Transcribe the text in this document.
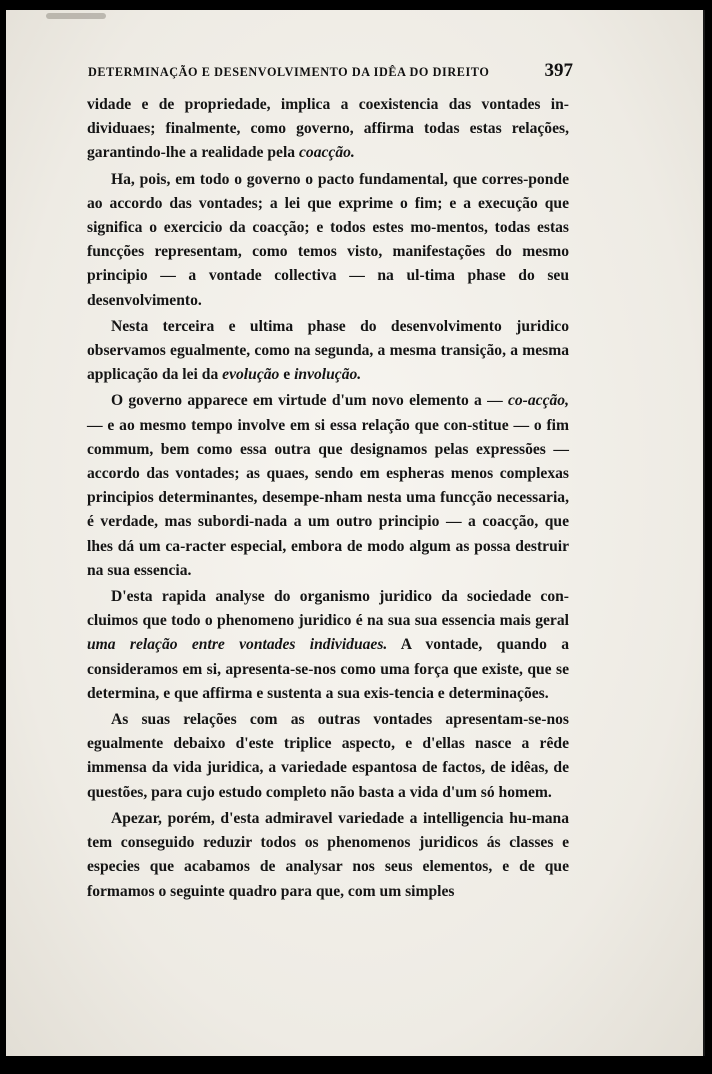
DETERMINAÇÃO E DESENVOLVIMENTO DA IDÊA DO DIREITO	397

vidade e de propriedade, implica a coexistencia das vontades in-dividuaes; finalmente, como governo, affirma todas estas relações, garantindo-lhe a realidade pela coacção.

Ha, pois, em todo o governo o pacto fundamental, que corres-ponde ao accordo das vontades; a lei que exprime o fim; e a execução que significa o exercicio da coacção; e todos estes mo-mentos, todas estas funcções representam, como temos visto, manifestações do mesmo principio — a vontade collectiva — na ul-tima phase do seu desenvolvimento.

Nesta terceira e ultima phase do desenvolvimento juridico observamos egualmente, como na segunda, a mesma transição, a mesma applicação da lei da evolução e involução.

O governo apparece em virtude d'um novo elemento a — co-acção, — e ao mesmo tempo involve em si essa relação que con-stitue — o fim commum, bem como essa outra que designamos pelas expressões — accordo das vontades; as quaes, sendo em espheras menos complexas principios determinantes, desempe-nham nesta uma funcção necessaria, é verdade, mas subordi-nada a um outro principio — a coacção, que lhes dá um ca-racter especial, embora de modo algum as possa destruir na sua essencia.

D'esta rapida analyse do organismo juridico da sociedade con-cluimos que todo o phenomeno juridico é na sua sua essencia mais geral uma relação entre vontades individuaes. A vontade, quando a consideramos em si, apresenta-se-nos como uma força que existe, que se determina, e que affirma e sustenta a sua exis-tencia e determinações.

As suas relações com as outras vontades apresentam-se-nos egualmente debaixo d'este triplice aspecto, e d'ellas nasce a rêde immensa da vida juridica, a variedade espantosa de factos, de idêas, de questões, para cujo estudo completo não basta a vida d'um só homem.

Apezar, porém, d'esta admiravel variedade a intelligencia hu-mana tem conseguido reduzir todos os phenomenos juridicos ás classes e especies que acabamos de analysar nos seus elementos, e de que formamos o seguinte quadro para que, com um simples
